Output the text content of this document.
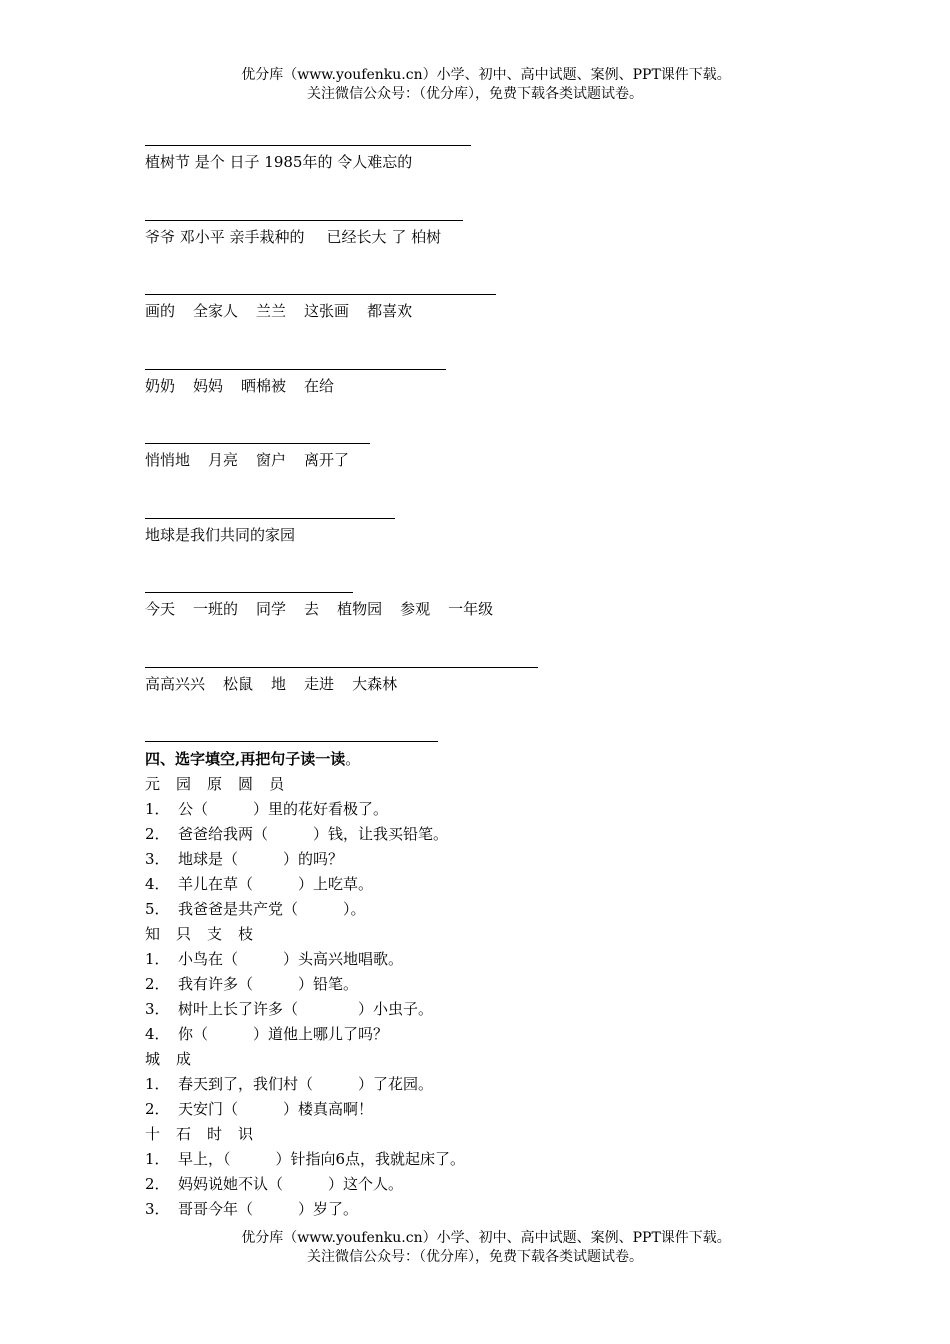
优分库（www.youfenku.cn）小学、初中、高中试题、案例、PPT课件下载。
关注微信公众号：（优分库），免费下载各类试题试卷。
植树节 是个 日子 1985年的 令人难忘的
爷爷 邓小平 亲手栽种的 已经长大 了 柏树
画的 全家人 兰兰 这张画 都喜欢
奶奶 妈妈 晒棉被 在给
悄悄地 月亮 窗户 离开了
地球是我们共同的家园
今天 一班的 同学 去 植物园 参观 一年级
高高兴兴 松鼠 地 走进 大森林
四、选字填空,再把句子读一读。
元 园 原 圆 员
1． 公（　　　）里的花好看极了。
2． 爸爸给我两（　　　）钱，让我买铅笔。
3． 地球是（　　　）的吗？
4． 羊儿在草（　　　）上吃草。
5． 我爸爸是共产党（　　　）。
知 只 支 枝
1． 小鸟在（　　　）头高兴地唱歌。
2． 我有许多（　　　）铅笔。
3． 树叶上长了许多（　　　　）小虫子。
4． 你（　　　）道他上哪儿了吗？
城 成
1． 春天到了，我们村（　　　）了花园。
2． 天安门（　　　）楼真高啊！
十 石 时 识
1． 早上，（　　　）针指向6点，我就起床了。
2． 妈妈说她不认（　　　）这个人。
3． 哥哥今年（　　　）岁了。
优分库（www.youfenku.cn）小学、初中、高中试题、案例、PPT课件下载。
关注微信公众号：（优分库），免费下载各类试题试卷。
